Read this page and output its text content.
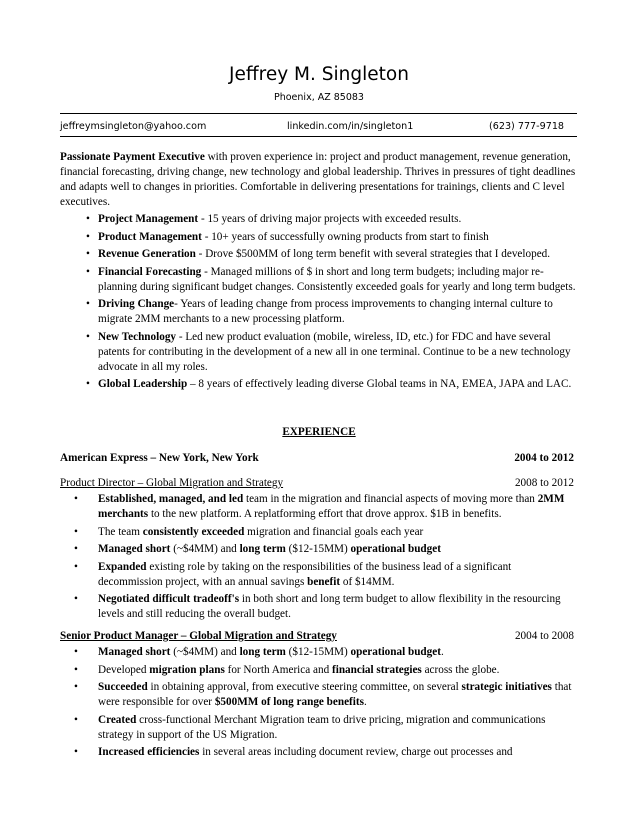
Jeffrey M. Singleton
Phoenix, AZ 85083
jeffreymsingleton@yahoo.com	linkedin.com/in/singleton1	(623) 777-9718
Passionate Payment Executive with proven experience in: project and product management, revenue generation, financial forecasting, driving change, new technology and global leadership. Thrives in pressures of tight deadlines and adapts well to changes in priorities. Comfortable in delivering presentations for trainings, clients and C level executives.
• Project Management - 15 years of driving major projects with exceeded results.
• Product Management - 10+ years of successfully owning products from start to finish
• Revenue Generation - Drove $500MM of long term benefit with several strategies that I developed.
• Financial Forecasting - Managed millions of $ in short and long term budgets; including major re-planning during significant budget changes. Consistently exceeded goals for yearly and long term budgets.
• Driving Change- Years of leading change from process improvements to changing internal culture to migrate 2MM merchants to a new processing platform.
• New Technology - Led new product evaluation (mobile, wireless, ID, etc.) for FDC and have several patents for contributing in the development of a new all in one terminal. Continue to be a new technology advocate in all my roles.
• Global Leadership – 8 years of effectively leading diverse Global teams in NA, EMEA, JAPA and LAC.
EXPERIENCE
American Express – New York, New York	2004 to 2012
Product Director – Global Migration and Strategy	2008 to 2012
• Established, managed, and led team in the migration and financial aspects of moving more than 2MM merchants to the new platform. A replatforming effort that drove approx. $1B in benefits.
• The team consistently exceeded migration and financial goals each year
• Managed short (~$4MM) and long term ($12-15MM) operational budget
• Expanded existing role by taking on the responsibilities of the business lead of a significant decommission project, with an annual savings benefit of $14MM.
• Negotiated difficult tradeoff's in both short and long term budget to allow flexibility in the resourcing levels and still reducing the overall budget.
Senior Product Manager – Global Migration and Strategy	2004 to 2008
• Managed short (~$4MM) and long term ($12-15MM) operational budget.
• Developed migration plans for North America and financial strategies across the globe.
• Succeeded in obtaining approval, from executive steering committee, on several strategic initiatives that were responsible for over $500MM of long range benefits.
• Created cross-functional Merchant Migration team to drive pricing, migration and communications strategy in support of the US Migration.
• Increased efficiencies in several areas including document review, charge out processes and
